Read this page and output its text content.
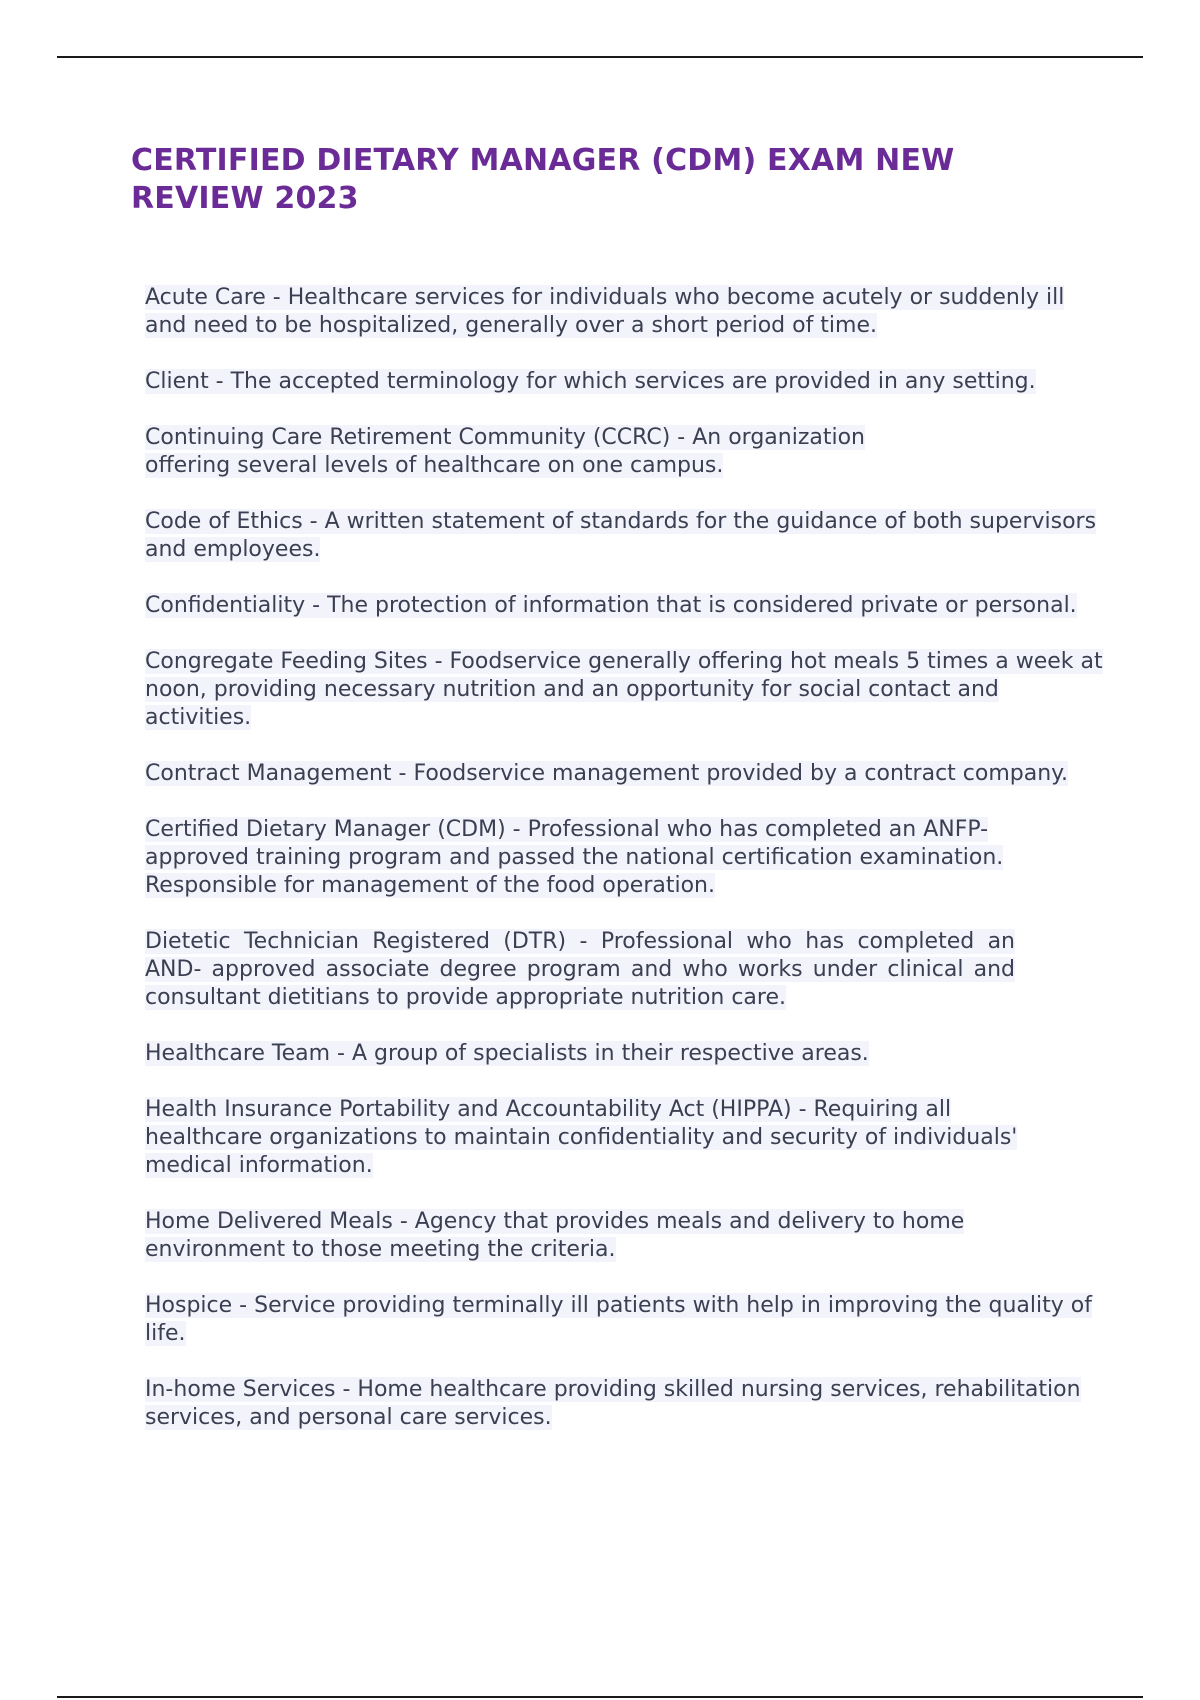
CERTIFIED DIETARY MANAGER (CDM) EXAM NEW REVIEW 2023
Acute Care - Healthcare services for individuals who become acutely or suddenly ill and need to be hospitalized, generally over a short period of time.
Client - The accepted terminology for which services are provided in any setting.
Continuing Care Retirement Community (CCRC) - An organization offering several levels of healthcare on one campus.
Code of Ethics - A written statement of standards for the guidance of both supervisors and employees.
Confidentiality - The protection of information that is considered private or personal.
Congregate Feeding Sites - Foodservice generally offering hot meals 5 times a week at noon, providing necessary nutrition and an opportunity for social contact and activities.
Contract Management - Foodservice management provided by a contract company.
Certified Dietary Manager (CDM) - Professional who has completed an ANFP-approved training program and passed the national certification examination. Responsible for management of the food operation.
Dietetic Technician Registered (DTR) - Professional who has completed an AND- approved associate degree program and who works under clinical and consultant dietitians to provide appropriate nutrition care.
Healthcare Team - A group of specialists in their respective areas.
Health Insurance Portability and Accountability Act (HIPPA) - Requiring all healthcare organizations to maintain confidentiality and security of individuals' medical information.
Home Delivered Meals - Agency that provides meals and delivery to home environment to those meeting the criteria.
Hospice - Service providing terminally ill patients with help in improving the quality of life.
In-home Services - Home healthcare providing skilled nursing services, rehabilitation services, and personal care services.
